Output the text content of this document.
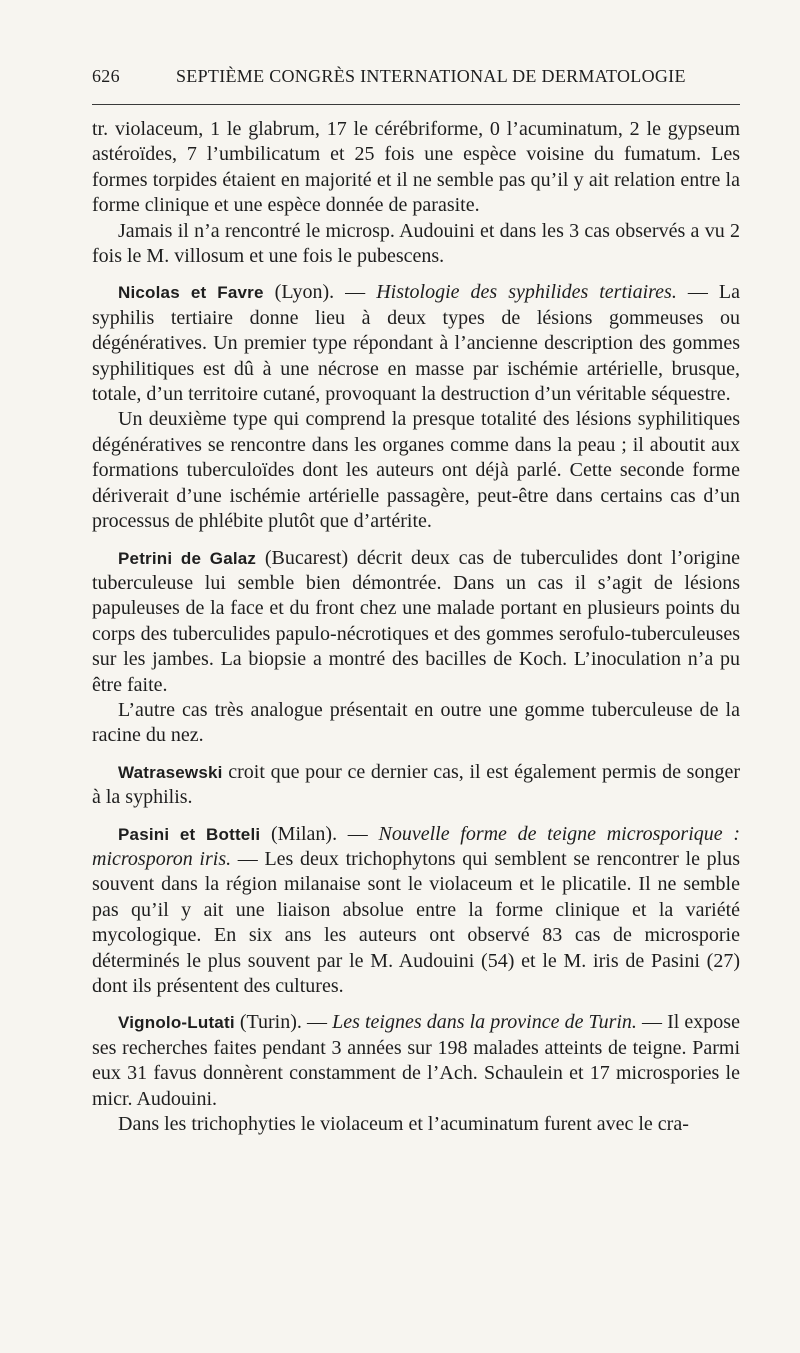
626	SEPTIÈME CONGRÈS INTERNATIONAL DE DERMATOLOGIE

tr. violaceum, 1 le glabrum, 17 le cérébriforme, 0 l’acuminatum, 2 le gypseum astéroïdes, 7 l’umbilicatum et 25 fois une espèce voisine du fumatum. Les formes torpides étaient en majorité et il ne semble pas qu’il y ait relation entre la forme clinique et une espèce donnée de parasite.

Jamais il n’a rencontré le microsp. Audouini et dans les 3 cas observés a vu 2 fois le M. villosum et une fois le pubescens.

Nicolas et Favre (Lyon). — Histologie des syphilides tertiaires. — La syphilis tertiaire donne lieu à deux types de lésions gommeuses ou dégénératives. Un premier type répondant à l’ancienne description des gommes syphilitiques est dû à une nécrose en masse par ischémie artérielle, brusque, totale, d’un territoire cutané, provoquant la destruction d’un véritable séquestre.

Un deuxième type qui comprend la presque totalité des lésions syphilitiques dégénératives se rencontre dans les organes comme dans la peau ; il aboutit aux formations tuberculoïdes dont les auteurs ont déjà parlé. Cette seconde forme dériverait d’une ischémie artérielle passagère, peut-être dans certains cas d’un processus de phlébite plutôt que d’artérite.

Petrini de Galaz (Bucarest) décrit deux cas de tuberculides dont l’origine tuberculeuse lui semble bien démontrée. Dans un cas il s’agit de lésions papuleuses de la face et du front chez une malade portant en plusieurs points du corps des tuberculides papulo-nécrotiques et des gommes serofulo-tuberculeuses sur les jambes. La biopsie a montré des bacilles de Koch. L’inoculation n’a pu être faite.

L’autre cas très analogue présentait en outre une gomme tuberculeuse de la racine du nez.

Watrasewski croit que pour ce dernier cas, il est également permis de songer à la syphilis.

Pasini et Botteli (Milan). — Nouvelle forme de teigne microsporique : microsporon iris. — Les deux trichophytons qui semblent se rencontrer le plus souvent dans la région milanaise sont le violaceum et le plicatile. Il ne semble pas qu’il y ait une liaison absolue entre la forme clinique et la variété mycologique. En six ans les auteurs ont observé 83 cas de microsporie déterminés le plus souvent par le M. Audouini (54) et le M. iris de Pasini (27) dont ils présentent des cultures.

Vignolo-Lutati (Turin). — Les teignes dans la province de Turin. — Il expose ses recherches faites pendant 3 années sur 198 malades atteints de teigne. Parmi eux 31 favus donnèrent constamment de l’Ach. Schaulein et 17 microspories le micr. Audouini.

Dans les trichophyties le violaceum et l’acuminatum furent avec le cra-
